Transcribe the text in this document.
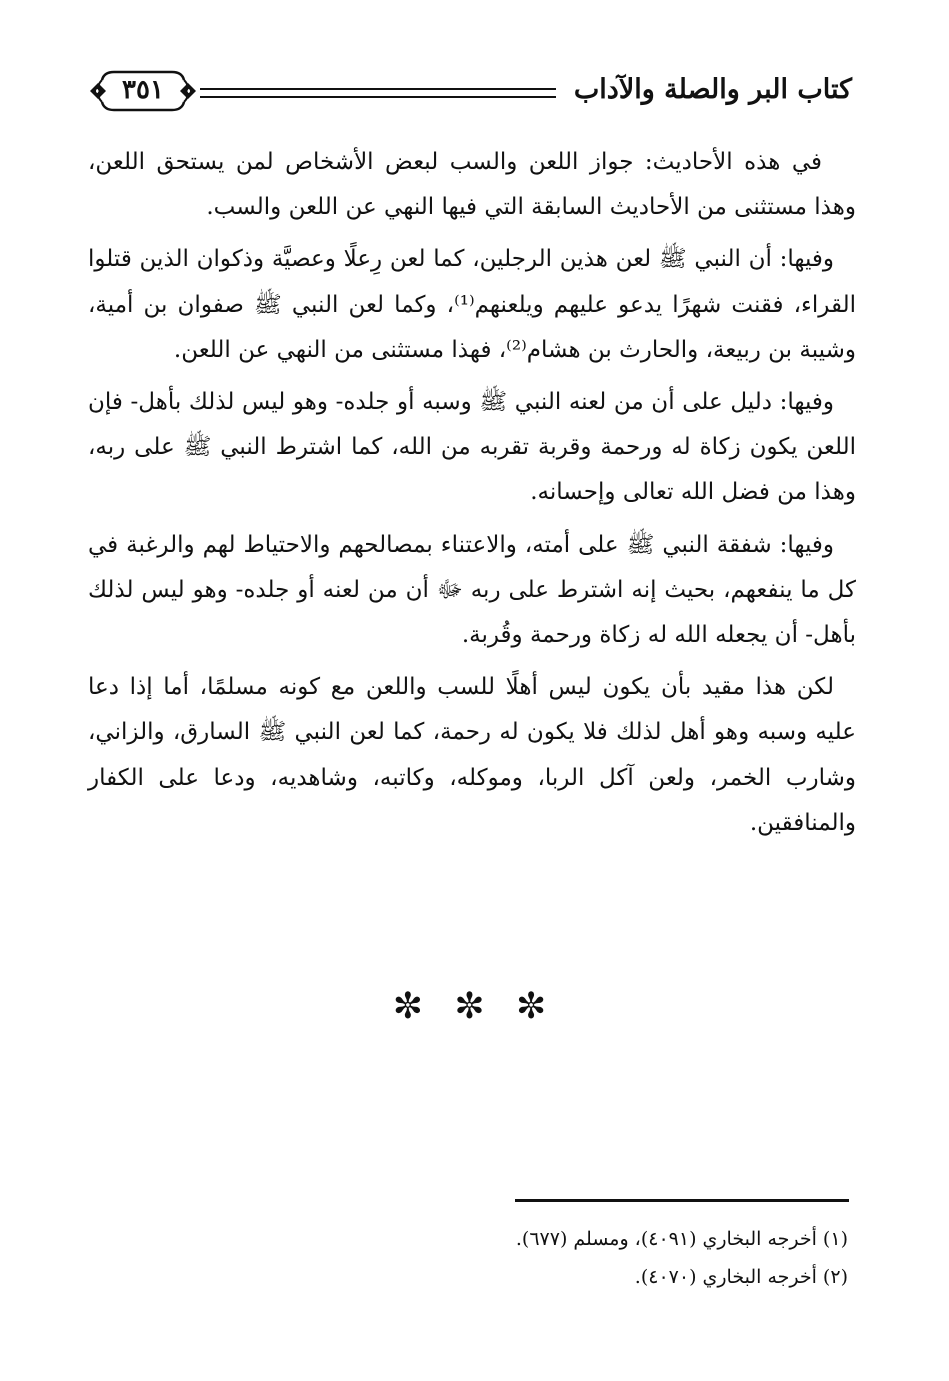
كتاب البر والصلة والآداب
٣٥١

في هذه الأحاديث: جواز اللعن والسب لبعض الأشخاص لمن يستحق اللعن، وهذا مستثنى من الأحاديث السابقة التي فيها النهي عن اللعن والسب.

وفيها: أن النبي ﷺ لعن هذين الرجلين، كما لعن رِعلًا وعصيَّة وذكوان الذين قتلوا القراء، فقنت شهرًا يدعو عليهم ويلعنهم⁽¹⁾، وكما لعن النبي ﷺ صفوان بن أمية، وشيبة بن ربيعة، والحارث بن هشام⁽²⁾، فهذا مستثنى من النهي عن اللعن.

وفيها: دليل على أن من لعنه النبي ﷺ وسبه أو جلده- وهو ليس لذلك بأهل- فإن اللعن يكون زكاة له ورحمة وقربة تقربه من الله، كما اشترط النبي ﷺ على ربه، وهذا من فضل الله تعالى وإحسانه.

وفيها: شفقة النبي ﷺ على أمته، والاعتناء بمصالحهم والاحتياط لهم والرغبة في كل ما ينفعهم، بحيث إنه اشترط على ربه ﷻ أن من لعنه أو جلده- وهو ليس لذلك بأهل- أن يجعله الله له زكاة ورحمة وقُربة.

لكن هذا مقيد بأن يكون ليس أهلًا للسب واللعن مع كونه مسلمًا، أما إذا دعا عليه وسبه وهو أهل لذلك فلا يكون له رحمة، كما لعن النبي ﷺ السارق، والزاني، وشارب الخمر، ولعن آكل الربا، وموكله، وكاتبه، وشاهديه، ودعا على الكفار والمنافقين.

✼ ✼ ✼

(١) أخرجه البخاري (٤٠٩١)، ومسلم (٦٧٧).

(٢) أخرجه البخاري (٤٠٧٠).
